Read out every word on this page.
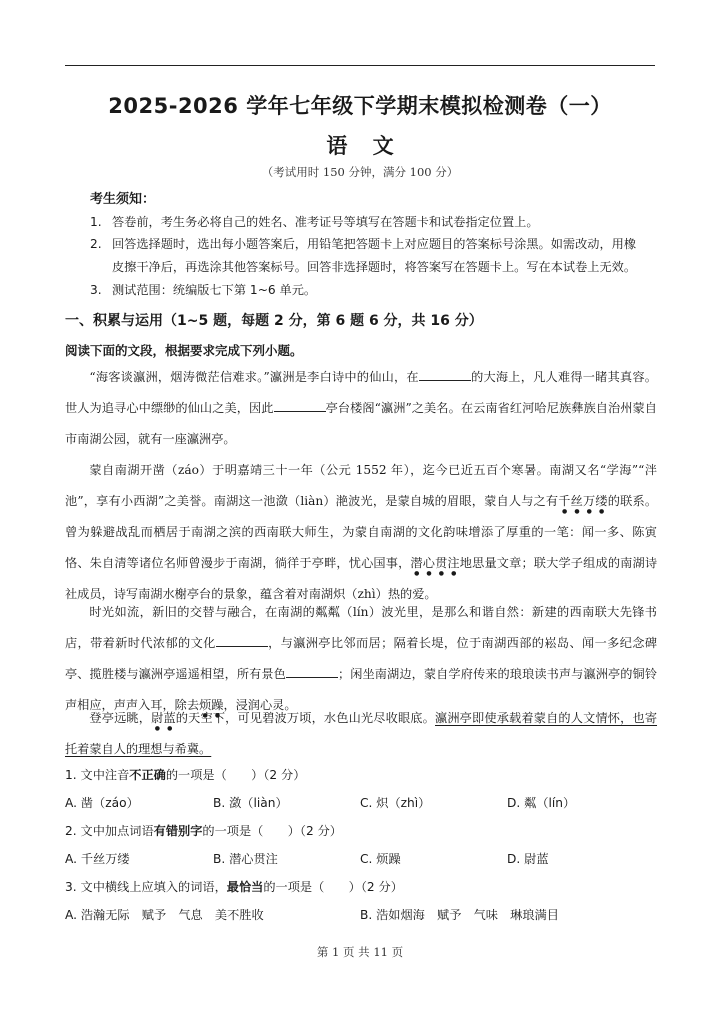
2025-2026 学年七年级下学期末模拟检测卷（一）
语 文
（考试用时 150 分钟，满分 100 分）
考生须知：
1. 答卷前，考生务必将自己的姓名、准考证号等填写在答题卡和试卷指定位置上。
2. 回答选择题时，选出每小题答案后，用铅笔把答题卡上对应题目的答案标号涂黑。如需改动，用橡
皮擦干净后，再选涂其他答案标号。回答非选择题时，将答案写在答题卡上。写在本试卷上无效。
3. 测试范围：统编版七下第 1~6 单元。
一、积累与运用（1~5 题，每题 2 分，第 6 题 6 分，共 16 分）
阅读下面的文段，根据要求完成下列小题。
“海客谈瀛洲，烟涛微茫信难求。”瀛洲是李白诗中的仙山，在	的大海上，凡人难得一睹其真容。世人为追寻心中缥缈的仙山之美，因此	亭台楼阁“瀛洲”之美名。在云南省红河哈尼族彝族自治州蒙自市南湖公园，就有一座瀛洲亭。
蒙自南湖开凿（záo）于明嘉靖三十一年（公元 1552 年），迄今已近五百个寒暑。南湖又名“学海”“泮池”，享有小西湖”之美誉。南湖这一池潋（liàn）滟波光，是蒙自城的眉眼，蒙自人与之有千丝万缕的联系。曾为躲避战乱而栖居于南湖之滨的西南联大师生，为蒙自南湖的文化韵味增添了厚重的一笔：闻一多、陈寅恪、朱自清等诸位名师曾漫步于南湖，徜徉于亭畔，忧心国事，潜心贯注地思量文章；联大学子组成的南湖诗社成员，诗写南湖水榭亭台的景象，蕴含着对南湖炽（zhì）热的爱。
时光如流，新旧的交替与融合，在南湖的粼粼（lín）波光里，是那么和谐自然：新建的西南联大先锋书店，带着新时代浓郁的文化	，与瀛洲亭比邻而居；隔着长堤，位于南湖西部的崧岛、闻一多纪念碑亭、揽胜楼与瀛洲亭遥遥相望，所有景色	；闲坐南湖边，蒙自学府传来的琅琅读书声与瀛洲亭的铜铃声相应，声声入耳，除去烦躁，浸润心灵。
登亭远眺，尉蓝的天空下，可见碧波万顷，水色山光尽收眼底。瀛洲亭即使承载着蒙自的人文情怀，也寄托着蒙自人的理想与希冀。
1. 文中注音不正确的一项是（　　）（2 分）
A. 凿（záo）	B. 潋（liàn）	C. 炽（zhì）	D. 粼（lín）
2. 文中加点词语有错别字的一项是（　　）（2 分）
A. 千丝万缕	B. 潜心贯注	C. 烦躁	D. 尉蓝
3. 文中横线上应填入的词语，最恰当的一项是（　　）（2 分）
A. 浩瀚无际　赋予　气息　美不胜收	B. 浩如烟海　赋予　气味　琳琅满目
第 1 页 共 11 页
